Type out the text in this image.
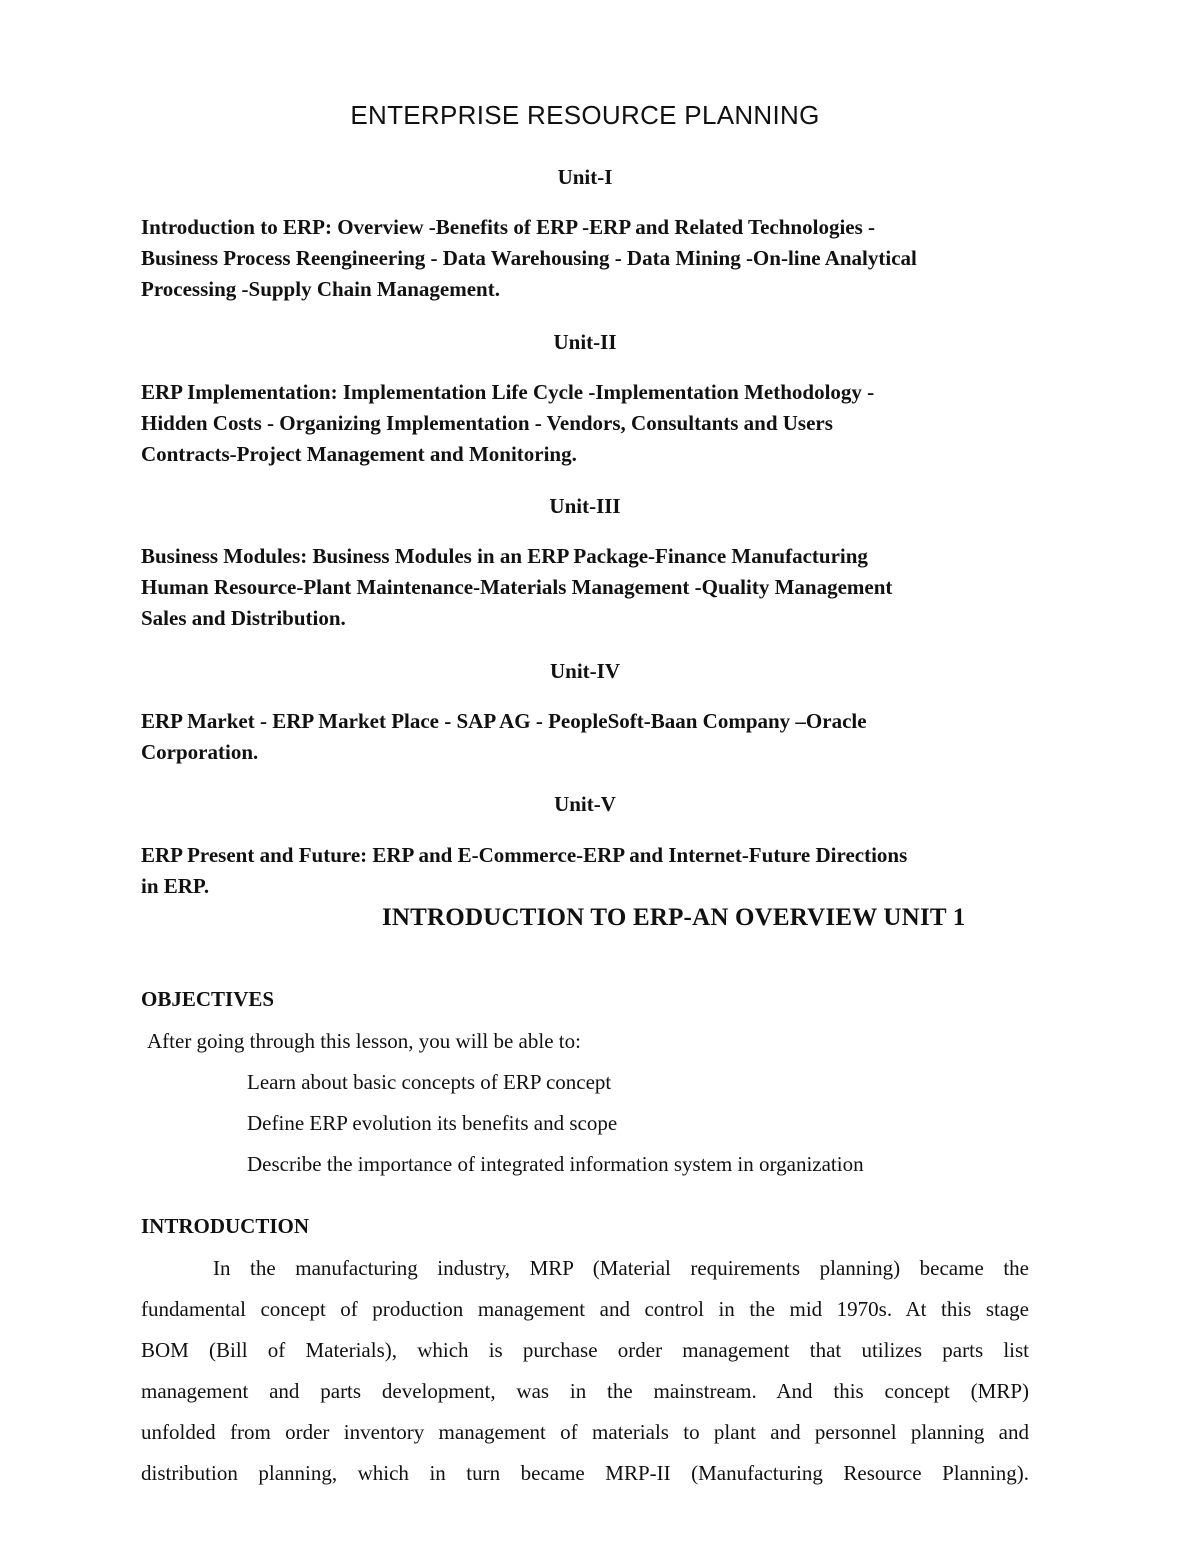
ENTERPRISE RESOURCE PLANNING
Unit-I
Introduction to ERP: Overview -Benefits of ERP -ERP and Related Technologies -
Business Process Reengineering - Data Warehousing - Data Mining -On-line Analytical
Processing -Supply Chain Management.
Unit-II
ERP Implementation: Implementation Life Cycle -Implementation Methodology -
Hidden Costs - Organizing Implementation - Vendors, Consultants and Users
Contracts-Project Management and Monitoring.
Unit-III
Business Modules: Business Modules in an ERP Package-Finance Manufacturing
Human Resource-Plant Maintenance-Materials Management -Quality Management
Sales and Distribution.
Unit-IV
ERP Market - ERP Market Place - SAP AG - PeopleSoft-Baan Company –Oracle
Corporation.
Unit-V
ERP Present and Future: ERP and E-Commerce-ERP and Internet-Future Directions
in ERP.
INTRODUCTION TO ERP-AN OVERVIEW UNIT 1
OBJECTIVES
After going through this lesson, you will be able to:
Learn about basic concepts of ERP concept
Define ERP evolution its benefits and scope
Describe the importance of integrated information system in organization
INTRODUCTION
In the manufacturing industry, MRP (Material requirements planning) became the
fundamental concept of production management and control in the mid 1970s. At this stage
BOM (Bill of Materials), which is purchase order management that utilizes parts list
management and parts development, was in the mainstream. And this concept (MRP)
unfolded from order inventory management of materials to plant and personnel planning and
distribution planning, which in turn became MRP-II (Manufacturing Resource Planning).
